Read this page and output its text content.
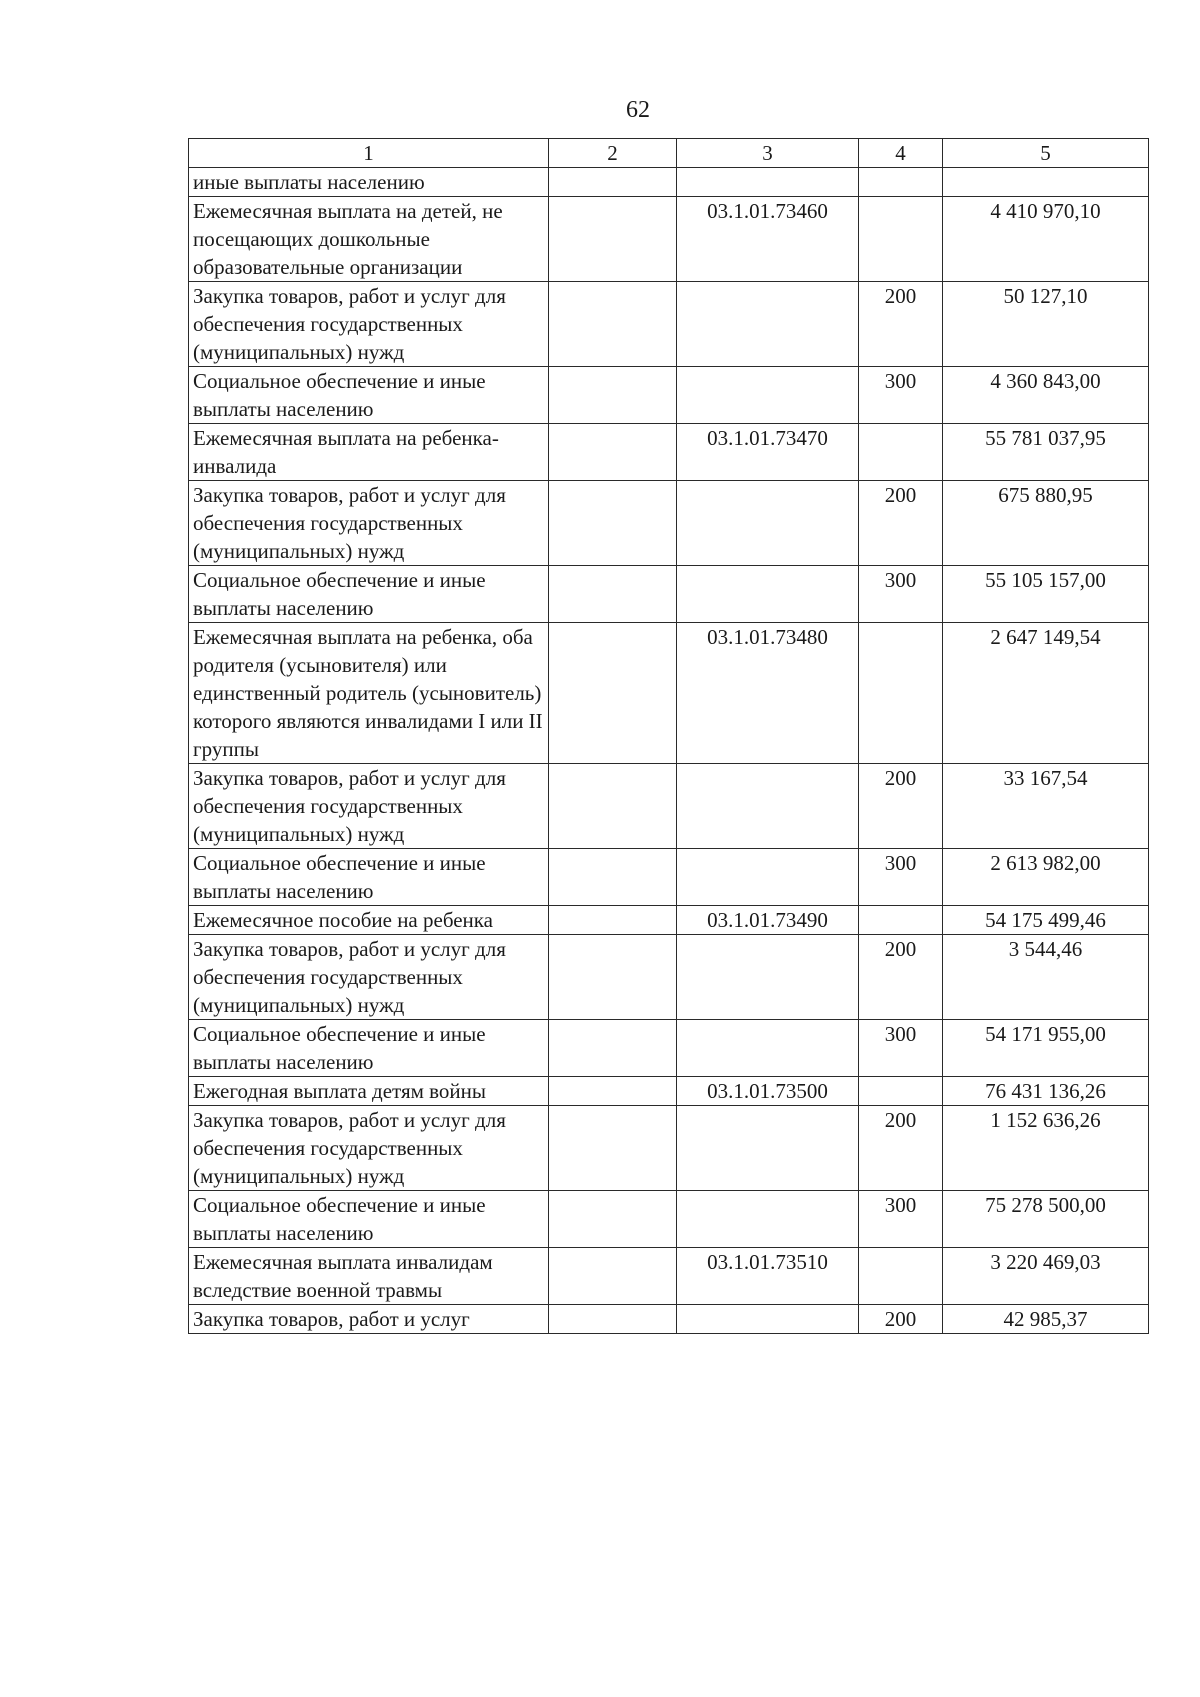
62
1	2	3	4	5
иные выплаты населению				
Ежемесячная выплата на детей, не посещающих дошкольные образовательные организации		03.1.01.73460		4 410 970,10
Закупка товаров, работ и услуг для обеспечения государственных (муниципальных) нужд			200	50 127,10
Социальное обеспечение и иные выплаты населению			300	4 360 843,00
Ежемесячная выплата на ребенка-инвалида		03.1.01.73470		55 781 037,95
Закупка товаров, работ и услуг для обеспечения государственных (муниципальных) нужд			200	675 880,95
Социальное обеспечение и иные выплаты населению			300	55 105 157,00
Ежемесячная выплата на ребенка, оба родителя (усыновителя) или единственный родитель (усыновитель) которого являются инвалидами I или II группы		03.1.01.73480		2 647 149,54
Закупка товаров, работ и услуг для обеспечения государственных (муниципальных) нужд			200	33 167,54
Социальное обеспечение и иные выплаты населению			300	2 613 982,00
Ежемесячное пособие на ребенка		03.1.01.73490		54 175 499,46
Закупка товаров, работ и услуг для обеспечения государственных (муниципальных) нужд			200	3 544,46
Социальное обеспечение и иные выплаты населению			300	54 171 955,00
Ежегодная выплата детям войны		03.1.01.73500		76 431 136,26
Закупка товаров, работ и услуг для обеспечения государственных (муниципальных) нужд			200	1 152 636,26
Социальное обеспечение и иные выплаты населению			300	75 278 500,00
Ежемесячная выплата инвалидам вследствие военной травмы		03.1.01.73510		3 220 469,03
Закупка товаров, работ и услуг			200	42 985,37
